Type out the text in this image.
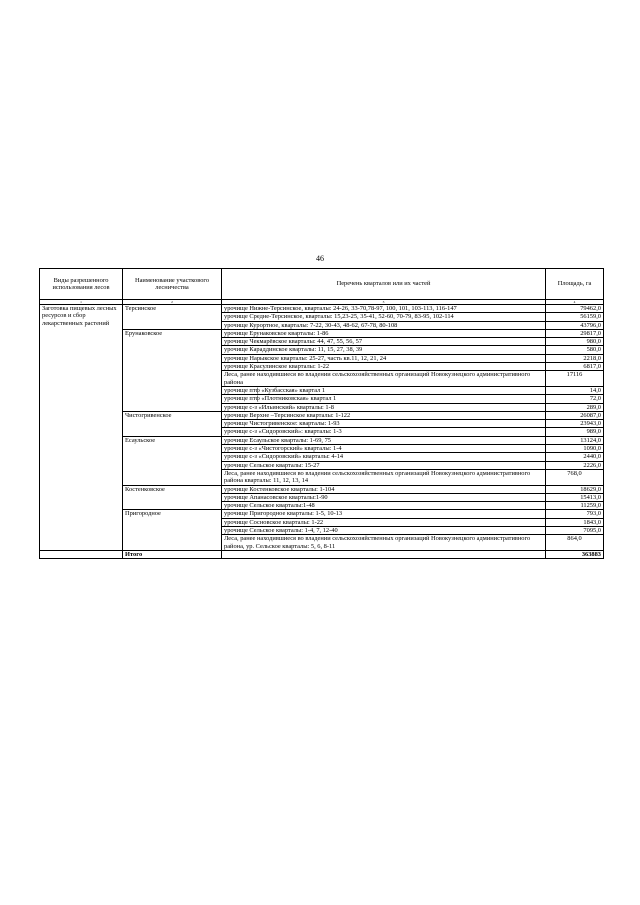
46
Виды разрешенного использования лесов	Наименование участкового лесничества	Перечень кварталов или их частей	Площадь, га
1	2	3	4
Заготовка пищевых лесных ресурсов и сбор лекарственных растений	Терсинское	урочище Нижне-Терсинское, кварталы: 24-26, 33-70,78-97, 100, 101, 103-113, 116-147	79462,0
		урочище Средне-Терсинское, кварталы: 15,23-25, 35-41, 52-60, 70-79, 83-95, 102-114	56159,0
		урочище Курортное, кварталы: 7-22, 30-43, 48-62, 67-78, 80-108	43796,0
	Ерунаковское	урочище Ерунаковское кварталы: 1-86	29817,0
		урочище Чекмарёвское кварталы: 44, 47, 55, 56, 57	980,0
		урочище Караддинское кварталы: 11, 15, 27, 38, 39	580,0
		урочище Нарыкское кварталы: 25-27, часть кв.11, 12, 21, 24	2218,0
		урочище Красулинское кварталы: 1-22	6817,0
		Леса, ранее находившиеся во владении сельскохозяйственных организаций Новокузнецкого административного района	17116
		урочище птф «Кузбасская» квартал 1	14,0
		урочище птф «Плотниковская» квартал 1	72,0
		урочище с-з «Ильинский» кварталы: 1-8	289,0
	Чистогривенское	урочище Верхне –Терсинское кварталы: 1-122	26087,0
		урочище Чистогривенское: кварталы: 1-93	23943,0
		урочище с-з «Сидоровский»: кварталы: 1-3	989,0
	Есаульское	урочище Есаульское кварталы: 1-69, 75	13124,0
		урочище с-з «Чистогорский» кварталы: 1-4	1090,0
		урочище с-з «Сидоровский» кварталы: 4-14	2440,0
		урочище Сельское кварталы: 15-27	2226,0
		Леса, ранее находившиеся во владении сельскохозяйственных организаций Новокузнецкого административного района кварталы: 11, 12, 13, 14	768,0
	Костенковское	урочище Костенковское кварталы: 1-104	18629,0
		урочище Апанасовское кварталы:1-90	15413,0
		урочище Сельское кварталы:1-48	11259,0
	Пригородное	урочище Пригородное кварталы: 1-5, 10-13	793,0
		урочище Сосновское кварталы: 1-22	1843,0
		урочище Сельское кварталы: 1-4, 7, 12-40	7095,0
		Леса, ранее находившиеся во владении сельскохозяйственных организаций Новокузнецкого административного района, ур. Сельское кварталы: 5, 6, 8-11	864,0
	Итого		363883
